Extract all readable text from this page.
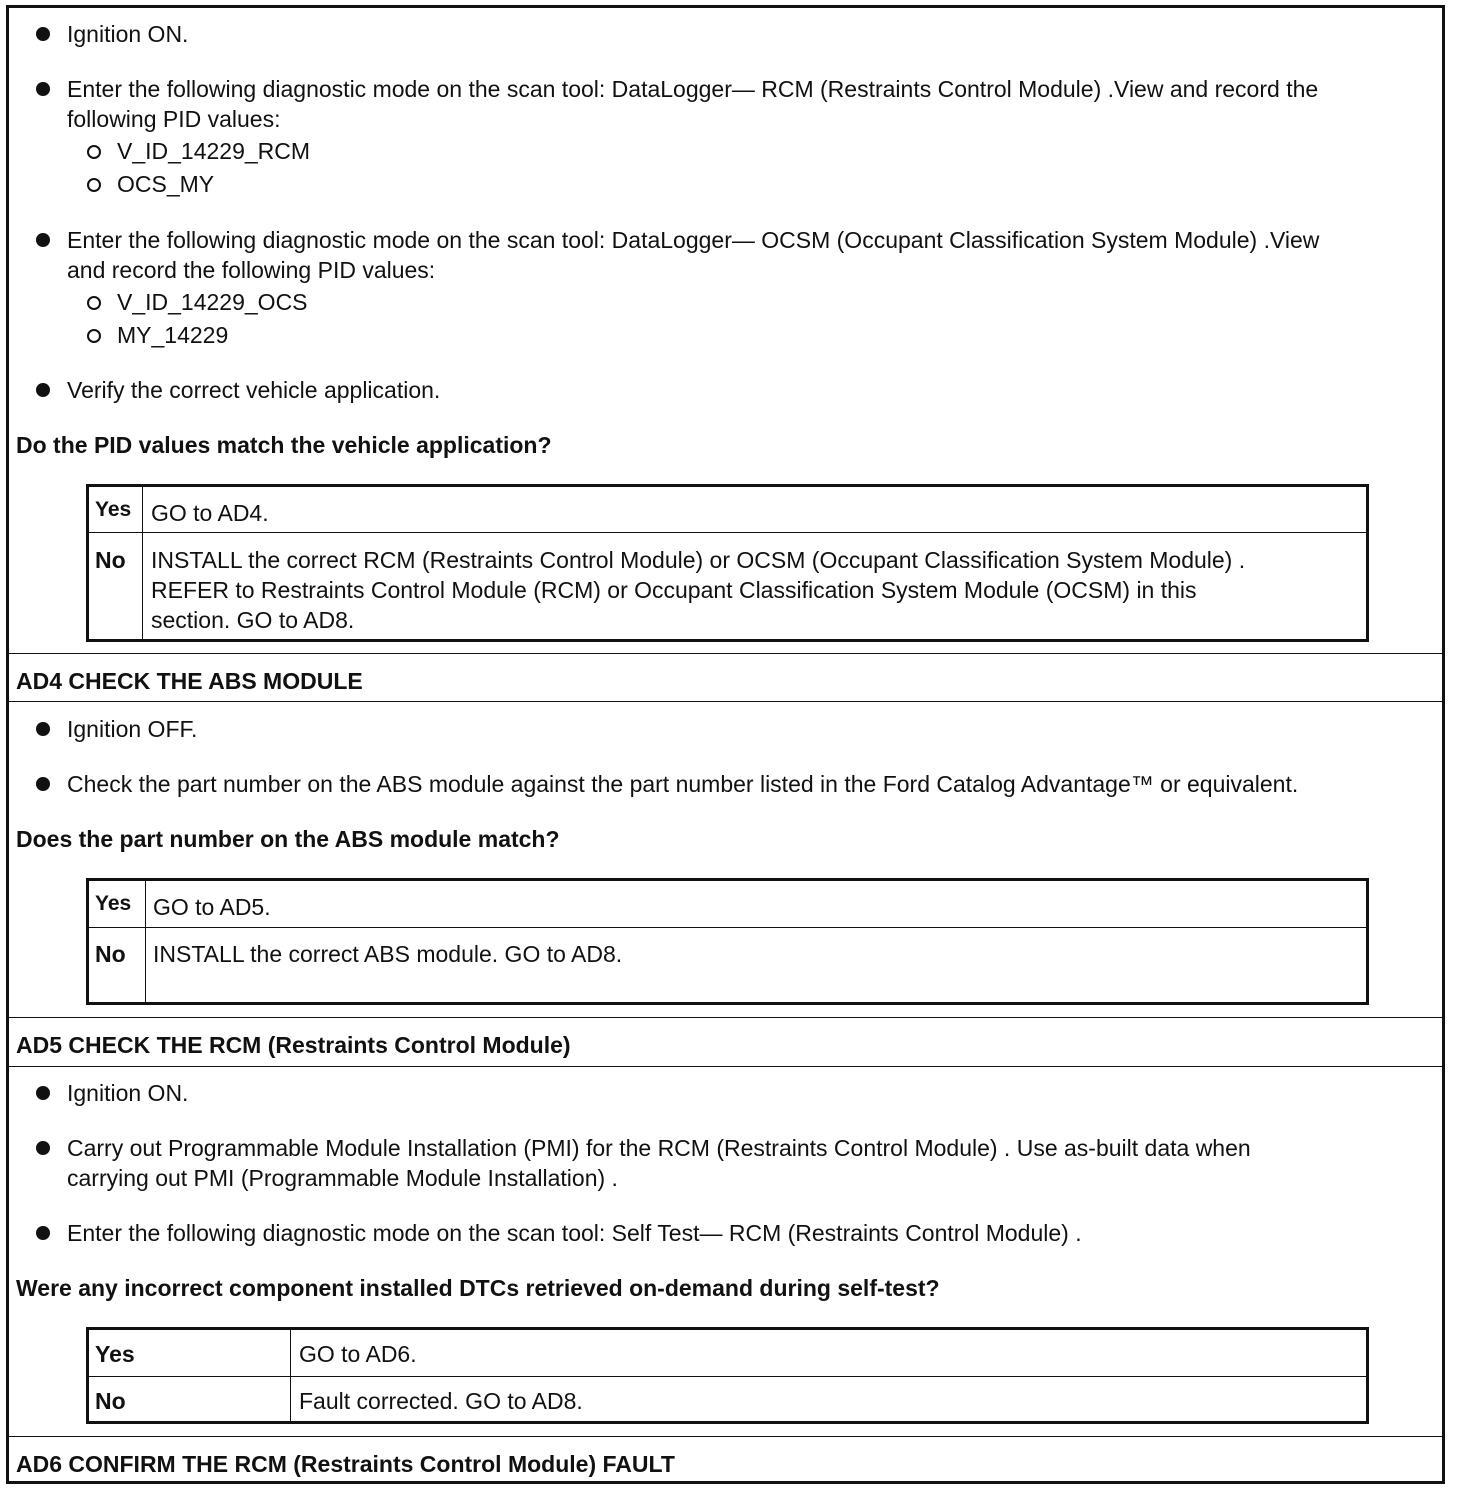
Ignition ON.
Enter the following diagnostic mode on the scan tool: DataLogger— RCM (Restraints Control Module) .View and record the
following PID values:
V_ID_14229_RCM
OCS_MY
Enter the following diagnostic mode on the scan tool: DataLogger— OCSM (Occupant Classification System Module) .View
and record the following PID values:
V_ID_14229_OCS
MY_14229
Verify the correct vehicle application.
Do the PID values match the vehicle application?
Yes GO to AD4.
No INSTALL the correct RCM (Restraints Control Module) or OCSM (Occupant Classification System Module) .
REFER to Restraints Control Module (RCM) or Occupant Classification System Module (OCSM) in this
section. GO to AD8.
AD4 CHECK THE ABS MODULE
Ignition OFF.
Check the part number on the ABS module against the part number listed in the Ford Catalog Advantage™ or equivalent.
Does the part number on the ABS module match?
Yes GO to AD5.
No INSTALL the correct ABS module. GO to AD8.
AD5 CHECK THE RCM (Restraints Control Module)
Ignition ON.
Carry out Programmable Module Installation (PMI) for the RCM (Restraints Control Module) . Use as-built data when
carrying out PMI (Programmable Module Installation) .
Enter the following diagnostic mode on the scan tool: Self Test— RCM (Restraints Control Module) .
Were any incorrect component installed DTCs retrieved on-demand during self-test?
Yes	GO to AD6.
No	Fault corrected. GO to AD8.
AD6 CONFIRM THE RCM (Restraints Control Module) FAULT
